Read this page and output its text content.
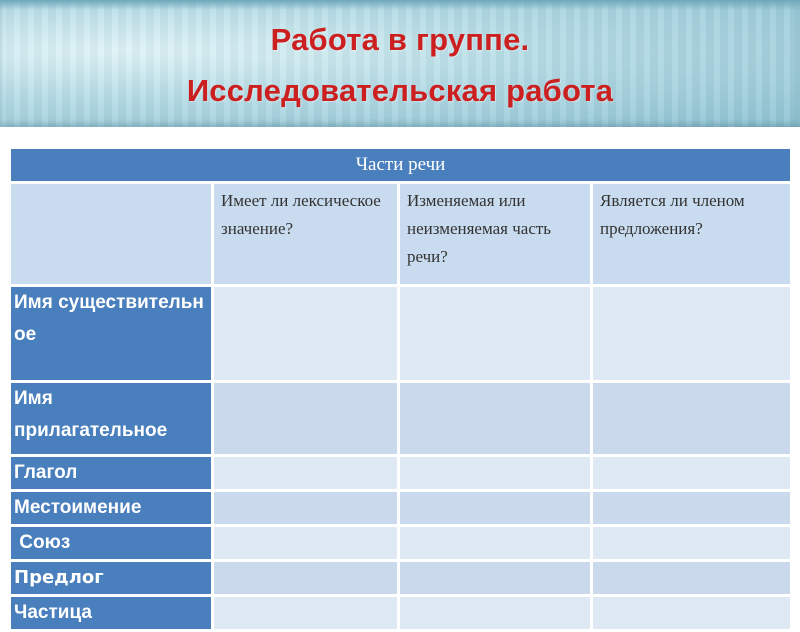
Работа в группе.
Исследовательская работа
Части речи			
	Имеет ли лексическое значение?	Изменяемая или неизменяемая часть речи?	Является ли членом предложения?
Имя существительное			
Имя прилагательное			
Глагол			
Местоимение			
Союз			
Предлог			
Частица			
